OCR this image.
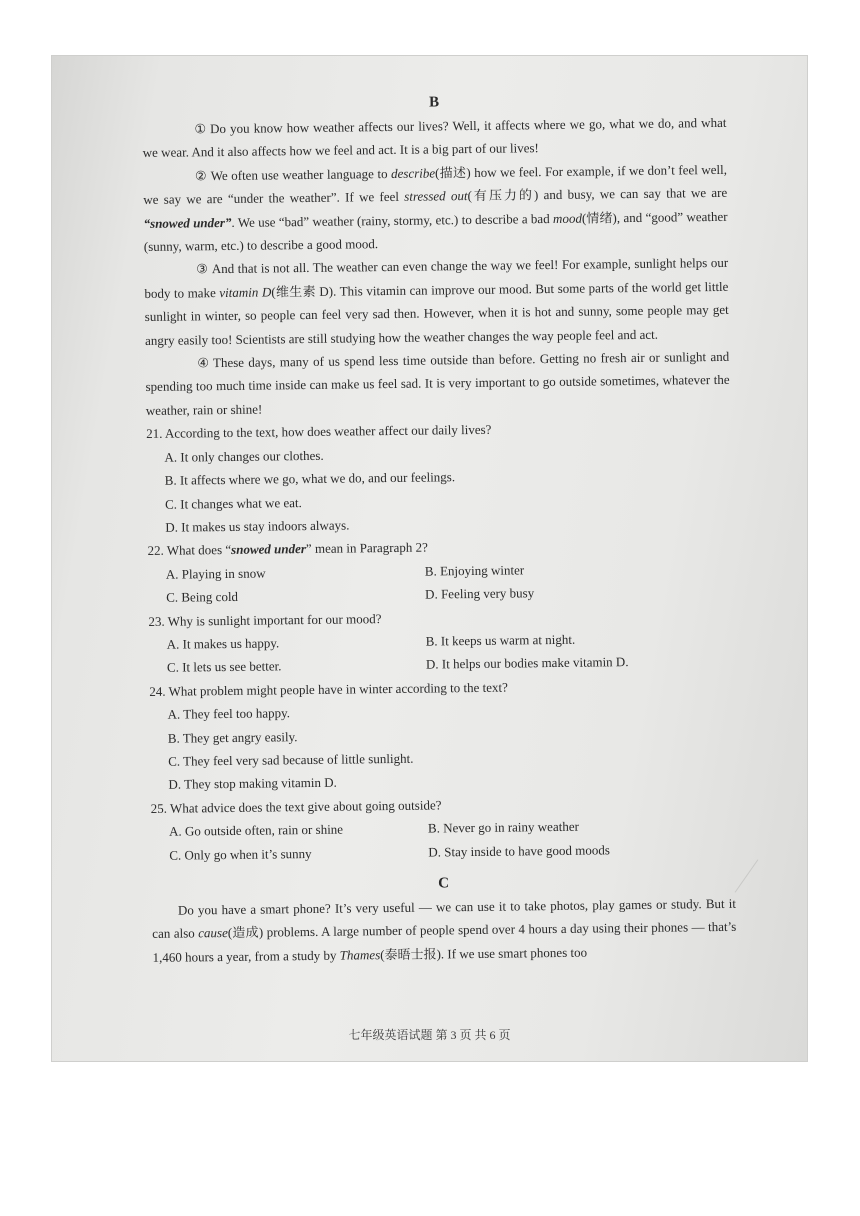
B

① Do you know how weather affects our lives? Well, it affects where we go, what we do, and what we wear. And it also affects how we feel and act. It is a big part of our lives!

② We often use weather language to describe(描述) how we feel. For example, if we don’t feel well, we say we are “under the weather”. If we feel stressed out(有压力的) and busy, we can say that we are “snowed under”. We use “bad” weather (rainy, stormy, etc.) to describe a bad mood(情绪), and “good” weather (sunny, warm, etc.) to describe a good mood.

③ And that is not all. The weather can even change the way we feel! For example, sunlight helps our body to make vitamin D(维生素 D). This vitamin can improve our mood. But some parts of the world get little sunlight in winter, so people can feel very sad then. However, when it is hot and sunny, some people may get angry easily too! Scientists are still studying how the weather changes the way people feel and act.

④ These days, many of us spend less time outside than before. Getting no fresh air or sunlight and spending too much time inside can make us feel sad. It is very important to go outside sometimes, whatever the weather, rain or shine!

21. According to the text, how does weather affect our daily lives?

A. It only changes our clothes.

B. It affects where we go, what we do, and our feelings.

C. It changes what we eat.

D. It makes us stay indoors always.

22. What does “snowed under” mean in Paragraph 2?

A. Playing in snow	B. Enjoying winter
C. Being cold	D. Feeling very busy

23. Why is sunlight important for our mood?

A. It makes us happy.	B. It keeps us warm at night.
C. It lets us see better.	D. It helps our bodies make vitamin D.

24. What problem might people have in winter according to the text?

A. They feel too happy.

B. They get angry easily.

C. They feel very sad because of little sunlight.

D. They stop making vitamin D.

25. What advice does the text give about going outside?

A. Go outside often, rain or shine	B. Never go in rainy weather
C. Only go when it’s sunny	D. Stay inside to have good moods
C

Do you have a smart phone? It’s very useful — we can use it to take photos, play games or study. But it can also cause(造成) problems. A large number of people spend over 4 hours a day using their phones — that’s 1,460 hours a year, from a study by Thames(泰晤士报). If we use smart phones too

七年级英语试题 第 3 页 共 6 页
